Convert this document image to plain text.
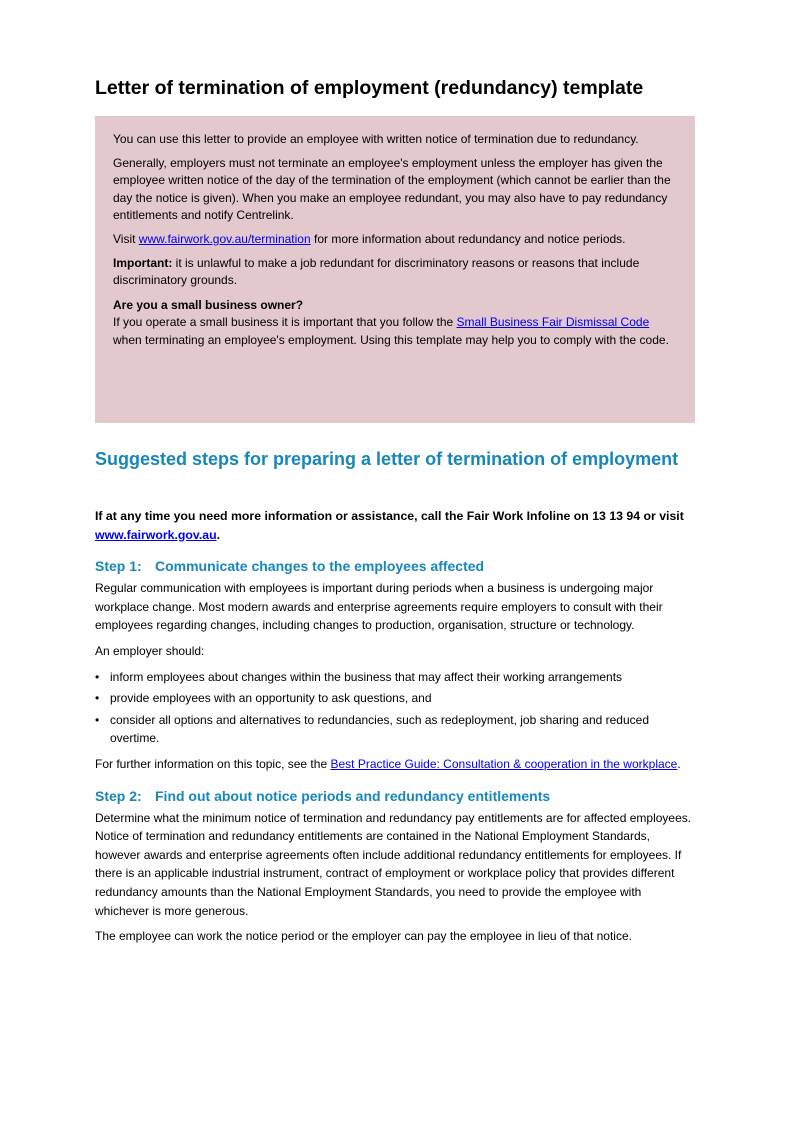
Letter of termination of employment (redundancy) template

You can use this letter to provide an employee with written notice of termination due to redundancy.

Generally, employers must not terminate an employee's employment unless the employer has given the employee written notice of the day of the termination of the employment (which cannot be earlier than the day the notice is given). When you make an employee redundant, you may also have to pay redundancy entitlements and notify Centrelink.

Visit www.fairwork.gov.au/termination for more information about redundancy and notice periods.

Important: it is unlawful to make a job redundant for discriminatory reasons or reasons that include discriminatory grounds.

Are you a small business owner?
If you operate a small business it is important that you follow the Small Business Fair Dismissal Code when terminating an employee's employment. Using this template may help you to comply with the code.
Suggested steps for preparing a letter of termination of employment

If at any time you need more information or assistance, call the Fair Work Infoline on 13 13 94 or visit www.fairwork.gov.au.

Step 1: Communicate changes to the employees affected

Regular communication with employees is important during periods when a business is undergoing major workplace change. Most modern awards and enterprise agreements require employers to consult with their employees regarding changes, including changes to production, organisation, structure or technology.

An employer should:

• inform employees about changes within the business that may affect their working arrangements
• provide employees with an opportunity to ask questions, and
• consider all options and alternatives to redundancies, such as redeployment, job sharing and reduced overtime.

For further information on this topic, see the Best Practice Guide: Consultation & cooperation in the workplace.

Step 2: Find out about notice periods and redundancy entitlements

Determine what the minimum notice of termination and redundancy pay entitlements are for affected employees. Notice of termination and redundancy entitlements are contained in the National Employment Standards, however awards and enterprise agreements often include additional redundancy entitlements for employees. If there is an applicable industrial instrument, contract of employment or workplace policy that provides different redundancy amounts than the National Employment Standards, you need to provide the employee with whichever is more generous.

The employee can work the notice period or the employer can pay the employee in lieu of that notice.
